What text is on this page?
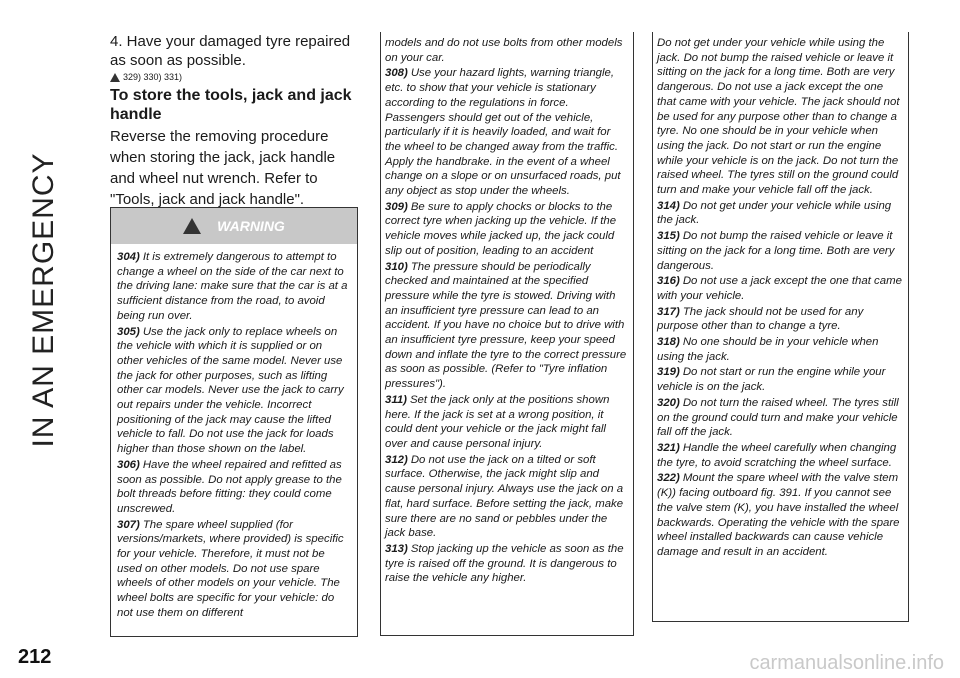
IN AN EMERGENCY

4. Have your damaged tyre repaired as soon as possible.

329) 330) 331)
To store the tools, jack and jack handle

Reverse the removing procedure when storing the jack, jack handle and wheel nut wrench. Refer to "Tools, jack and jack handle".

WARNING

304) It is extremely dangerous to attempt to change a wheel on the side of the car next to the driving lane: make sure that the car is at a sufficient distance from the road, to avoid being run over.

305) Use the jack only to replace wheels on the vehicle with which it is supplied or on other vehicles of the same model. Never use the jack for other purposes, such as lifting other car models. Never use the jack to carry out repairs under the vehicle. Incorrect positioning of the jack may cause the lifted vehicle to fall. Do not use the jack for loads higher than those shown on the label.

306) Have the wheel repaired and refitted as soon as possible. Do not apply grease to the bolt threads before fitting: they could come unscrewed.

307) The spare wheel supplied (for versions/markets, where provided) is specific for your vehicle. Therefore, it must not be used on other models. Do not use spare wheels of other models on your vehicle. The wheel bolts are specific for your vehicle: do not use them on different

models and do not use bolts from other models on your car.

308) Use your hazard lights, warning triangle, etc. to show that your vehicle is stationary according to the regulations in force. Passengers should get out of the vehicle, particularly if it is heavily loaded, and wait for the wheel to be changed away from the traffic. Apply the handbrake. in the event of a wheel change on a slope or on unsurfaced roads, put any object as stop under the wheels.

309) Be sure to apply chocks or blocks to the correct tyre when jacking up the vehicle. If the vehicle moves while jacked up, the jack could slip out of position, leading to an accident

310) The pressure should be periodically checked and maintained at the specified pressure while the tyre is stowed. Driving with an insufficient tyre pressure can lead to an accident. If you have no choice but to drive with an insufficient tyre pressure, keep your speed down and inflate the tyre to the correct pressure as soon as possible. (Refer to "Tyre inflation pressures").

311) Set the jack only at the positions shown here. If the jack is set at a wrong position, it could dent your vehicle or the jack might fall over and cause personal injury.

312) Do not use the jack on a tilted or soft surface. Otherwise, the jack might slip and cause personal injury. Always use the jack on a flat, hard surface. Before setting the jack, make sure there are no sand or pebbles under the jack base.

313) Stop jacking up the vehicle as soon as the tyre is raised off the ground. It is dangerous to raise the vehicle any higher.

Do not get under your vehicle while using the jack. Do not bump the raised vehicle or leave it sitting on the jack for a long time. Both are very dangerous. Do not use a jack except the one that came with your vehicle. The jack should not be used for any purpose other than to change a tyre. No one should be in your vehicle when using the jack. Do not start or run the engine while your vehicle is on the jack. Do not turn the raised wheel. The tyres still on the ground could turn and make your vehicle fall off the jack.

314) Do not get under your vehicle while using the jack.

315) Do not bump the raised vehicle or leave it sitting on the jack for a long time. Both are very dangerous.

316) Do not use a jack except the one that came with your vehicle.

317) The jack should not be used for any purpose other than to change a tyre.

318) No one should be in your vehicle when using the jack.

319) Do not start or run the engine while your vehicle is on the jack.

320) Do not turn the raised wheel. The tyres still on the ground could turn and make your vehicle fall off the jack.

321) Handle the wheel carefully when changing the tyre, to avoid scratching the wheel surface.

322) Mount the spare wheel with the valve stem (K)) facing outboard fig. 391. If you cannot see the valve stem (K), you have installed the wheel backwards. Operating the vehicle with the spare wheel installed backwards can cause vehicle damage and result in an accident.

212	carmanualsonline.info
